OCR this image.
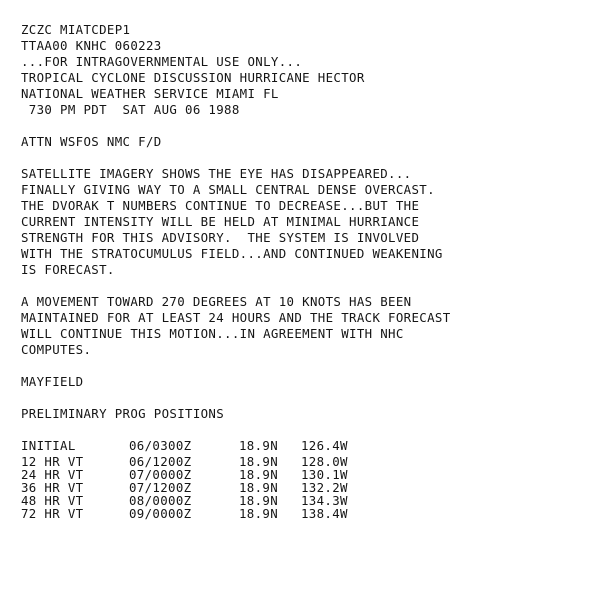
ZCZC MIATCDEP1
TTAA00 KNHC 060223
...FOR INTRAGOVERNMENTAL USE ONLY...
TROPICAL CYCLONE DISCUSSION HURRICANE HECTOR
NATIONAL WEATHER SERVICE MIAMI FL
730 PM PDT  SAT AUG 06 1988
ATTN WSFOS NMC F/D
SATELLITE IMAGERY SHOWS THE EYE HAS DISAPPEARED...
FINALLY GIVING WAY TO A SMALL CENTRAL DENSE OVERCAST.
THE DVORAK T NUMBERS CONTINUE TO DECREASE...BUT THE
CURRENT INTENSITY WILL BE HELD AT MINIMAL HURRIANCE
STRENGTH FOR THIS ADVISORY.  THE SYSTEM IS INVOLVED
WITH THE STRATOCUMULUS FIELD...AND CONTINUED WEAKENING
IS FORECAST.
A MOVEMENT TOWARD 270 DEGREES AT 10 KNOTS HAS BEEN
MAINTAINED FOR AT LEAST 24 HOURS AND THE TRACK FORECAST
WILL CONTINUE THIS MOTION...IN AGREEMENT WITH NHC
COMPUTES.
MAYFIELD
PRELIMINARY PROG POSITIONS
INITIAL	06/0300Z	18.9N	126.4W
12 HR VT	06/1200Z	18.9N	128.0W
24 HR VT	07/0000Z	18.9N	130.1W
36 HR VT	07/1200Z	18.9N	132.2W
48 HR VT	08/0000Z	18.9N	134.3W
72 HR VT	09/0000Z	18.9N	138.4W
